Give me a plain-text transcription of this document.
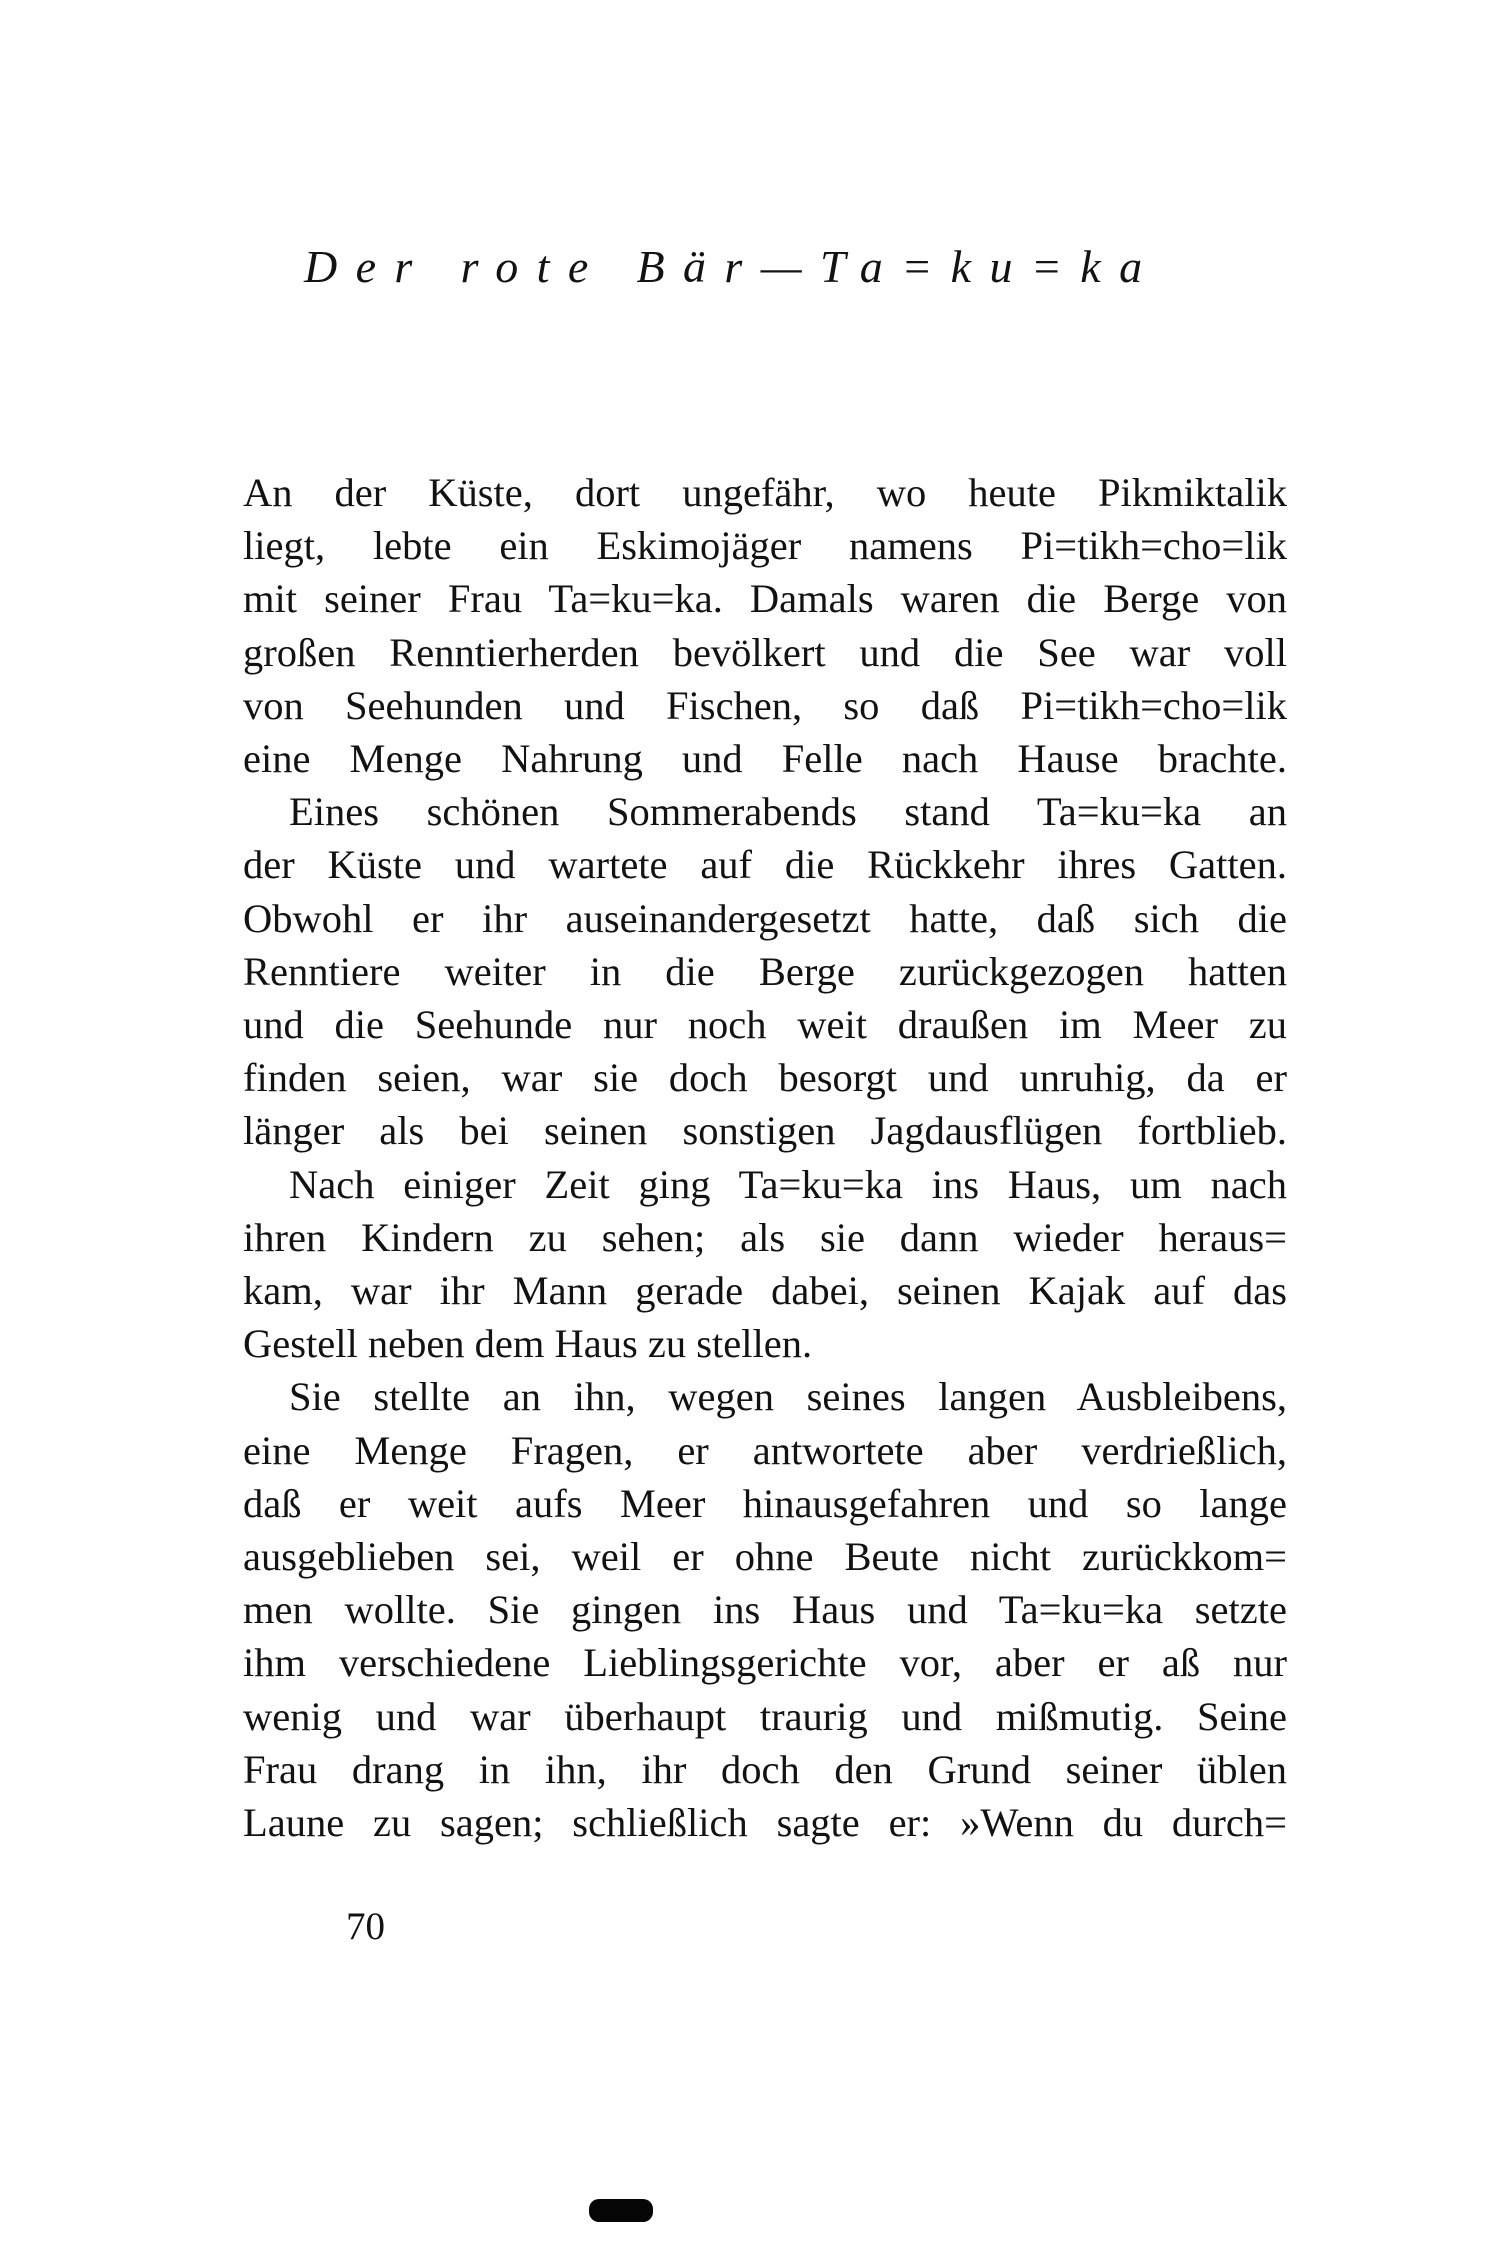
Der rote Bär—Ta=ku=ka
An der Küste, dort ungefähr, wo heute Pikmiktalik
liegt, lebte ein Eskimojäger namens Pi=tikh=cho=lik
mit seiner Frau Ta=ku=ka. Damals waren die Berge von
großen Renntierherden bevölkert und die See war voll
von Seehunden und Fischen, so daß Pi=tikh=cho=lik
eine Menge Nahrung und Felle nach Hause brachte.
Eines schönen Sommerabends stand Ta=ku=ka an
der Küste und wartete auf die Rückkehr ihres Gatten.
Obwohl er ihr auseinandergesetzt hatte, daß sich die
Renntiere weiter in die Berge zurückgezogen hatten
und die Seehunde nur noch weit draußen im Meer zu
finden seien, war sie doch besorgt und unruhig, da er
länger als bei seinen sonstigen Jagdausflügen fortblieb.
Nach einiger Zeit ging Ta=ku=ka ins Haus, um nach
ihren Kindern zu sehen; als sie dann wieder heraus=
kam, war ihr Mann gerade dabei, seinen Kajak auf das
Gestell neben dem Haus zu stellen.
Sie stellte an ihn, wegen seines langen Ausbleibens,
eine Menge Fragen, er antwortete aber verdrießlich,
daß er weit aufs Meer hinausgefahren und so lange
ausgeblieben sei, weil er ohne Beute nicht zurückkom=
men wollte. Sie gingen ins Haus und Ta=ku=ka setzte
ihm verschiedene Lieblingsgerichte vor, aber er aß nur
wenig und war überhaupt traurig und mißmutig. Seine
Frau drang in ihn, ihr doch den Grund seiner üblen
Laune zu sagen; schließlich sagte er: »Wenn du durch=
70
